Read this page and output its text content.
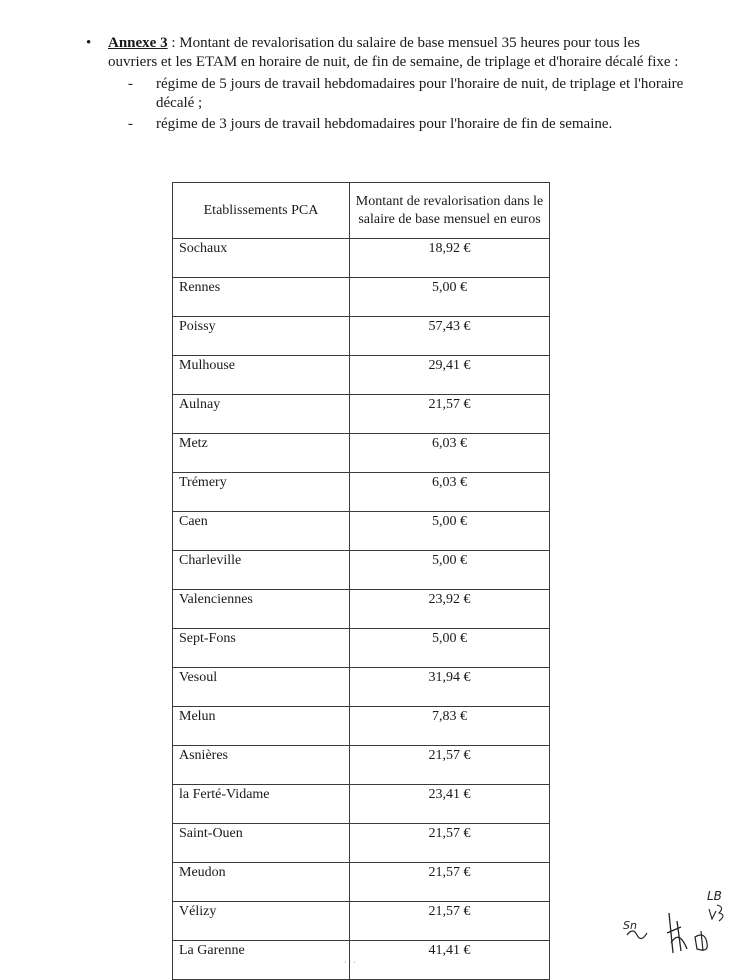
• Annexe 3 : Montant de revalorisation du salaire de base mensuel 35 heures pour tous les ouvriers et les ETAM en horaire de nuit, de fin de semaine, de triplage et d'horaire décalé fixe :
- régime de 5 jours de travail hebdomadaires pour l'horaire de nuit, de triplage et l'horaire décalé ;
- régime de 3 jours de travail hebdomadaires pour l'horaire de fin de semaine.
Etablissements PCA	Montant de revalorisation dans le salaire de base mensuel en euros
Sochaux	18,92 €
Rennes	5,00 €
Poissy	57,43 €
Mulhouse	29,41 €
Aulnay	21,57 €
Metz	6,03 €
Trémery	6,03 €
Caen	5,00 €
Charleville	5,00 €
Valenciennes	23,92 €
Sept-Fons	5,00 €
Vesoul	31,94 €
Melun	7,83 €
Asnières	21,57 €
la Ferté-Vidame	23,41 €
Saint-Ouen	21,57 €
Meudon	21,57 €
Vélizy	21,57 €
La Garenne	41,41 €
LB
Sn
· · ·
